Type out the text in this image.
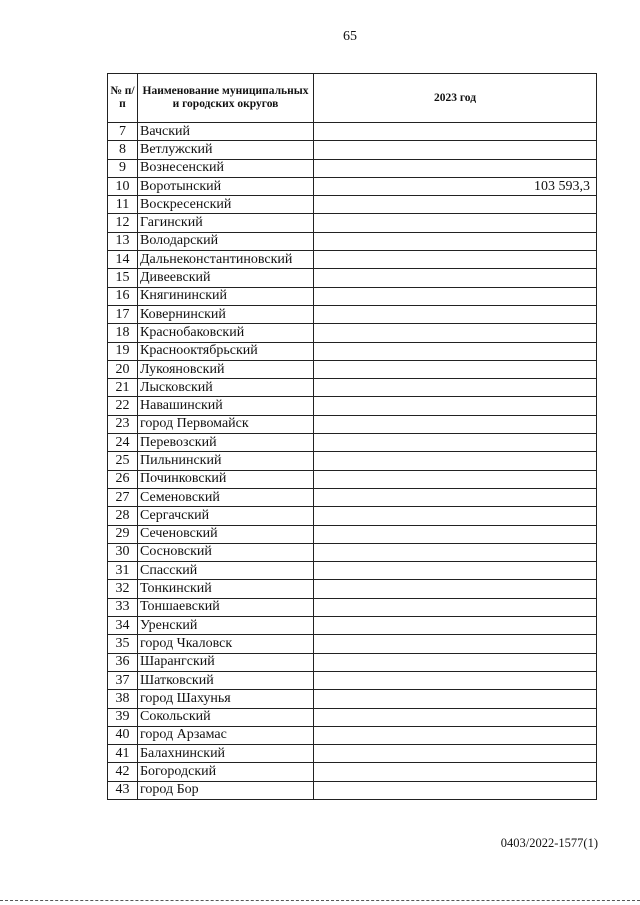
65
№ п/п	Наименование муниципальных и городских округов	2023 год
7	Вачский	
8	Ветлужский	
9	Вознесенский	
10	Воротынский	103 593,3
11	Воскресенский	
12	Гагинский	
13	Володарский	
14	Дальнеконстантиновский	
15	Дивеевский	
16	Княгининский	
17	Ковернинский	
18	Краснобаковский	
19	Краснооктябрьский	
20	Лукояновский	
21	Лысковский	
22	Навашинский	
23	город Первомайск	
24	Перевозский	
25	Пильнинский	
26	Починковский	
27	Семеновский	
28	Сергачский	
29	Сеченовский	
30	Сосновский	
31	Спасский	
32	Тонкинский	
33	Тоншаевский	
34	Уренский	
35	город Чкаловск	
36	Шарангский	
37	Шатковский	
38	город Шахунья	
39	Сокольский	
40	город Арзамас	
41	Балахнинский	
42	Богородский	
43	город Бор	
0403/2022-1577(1)
